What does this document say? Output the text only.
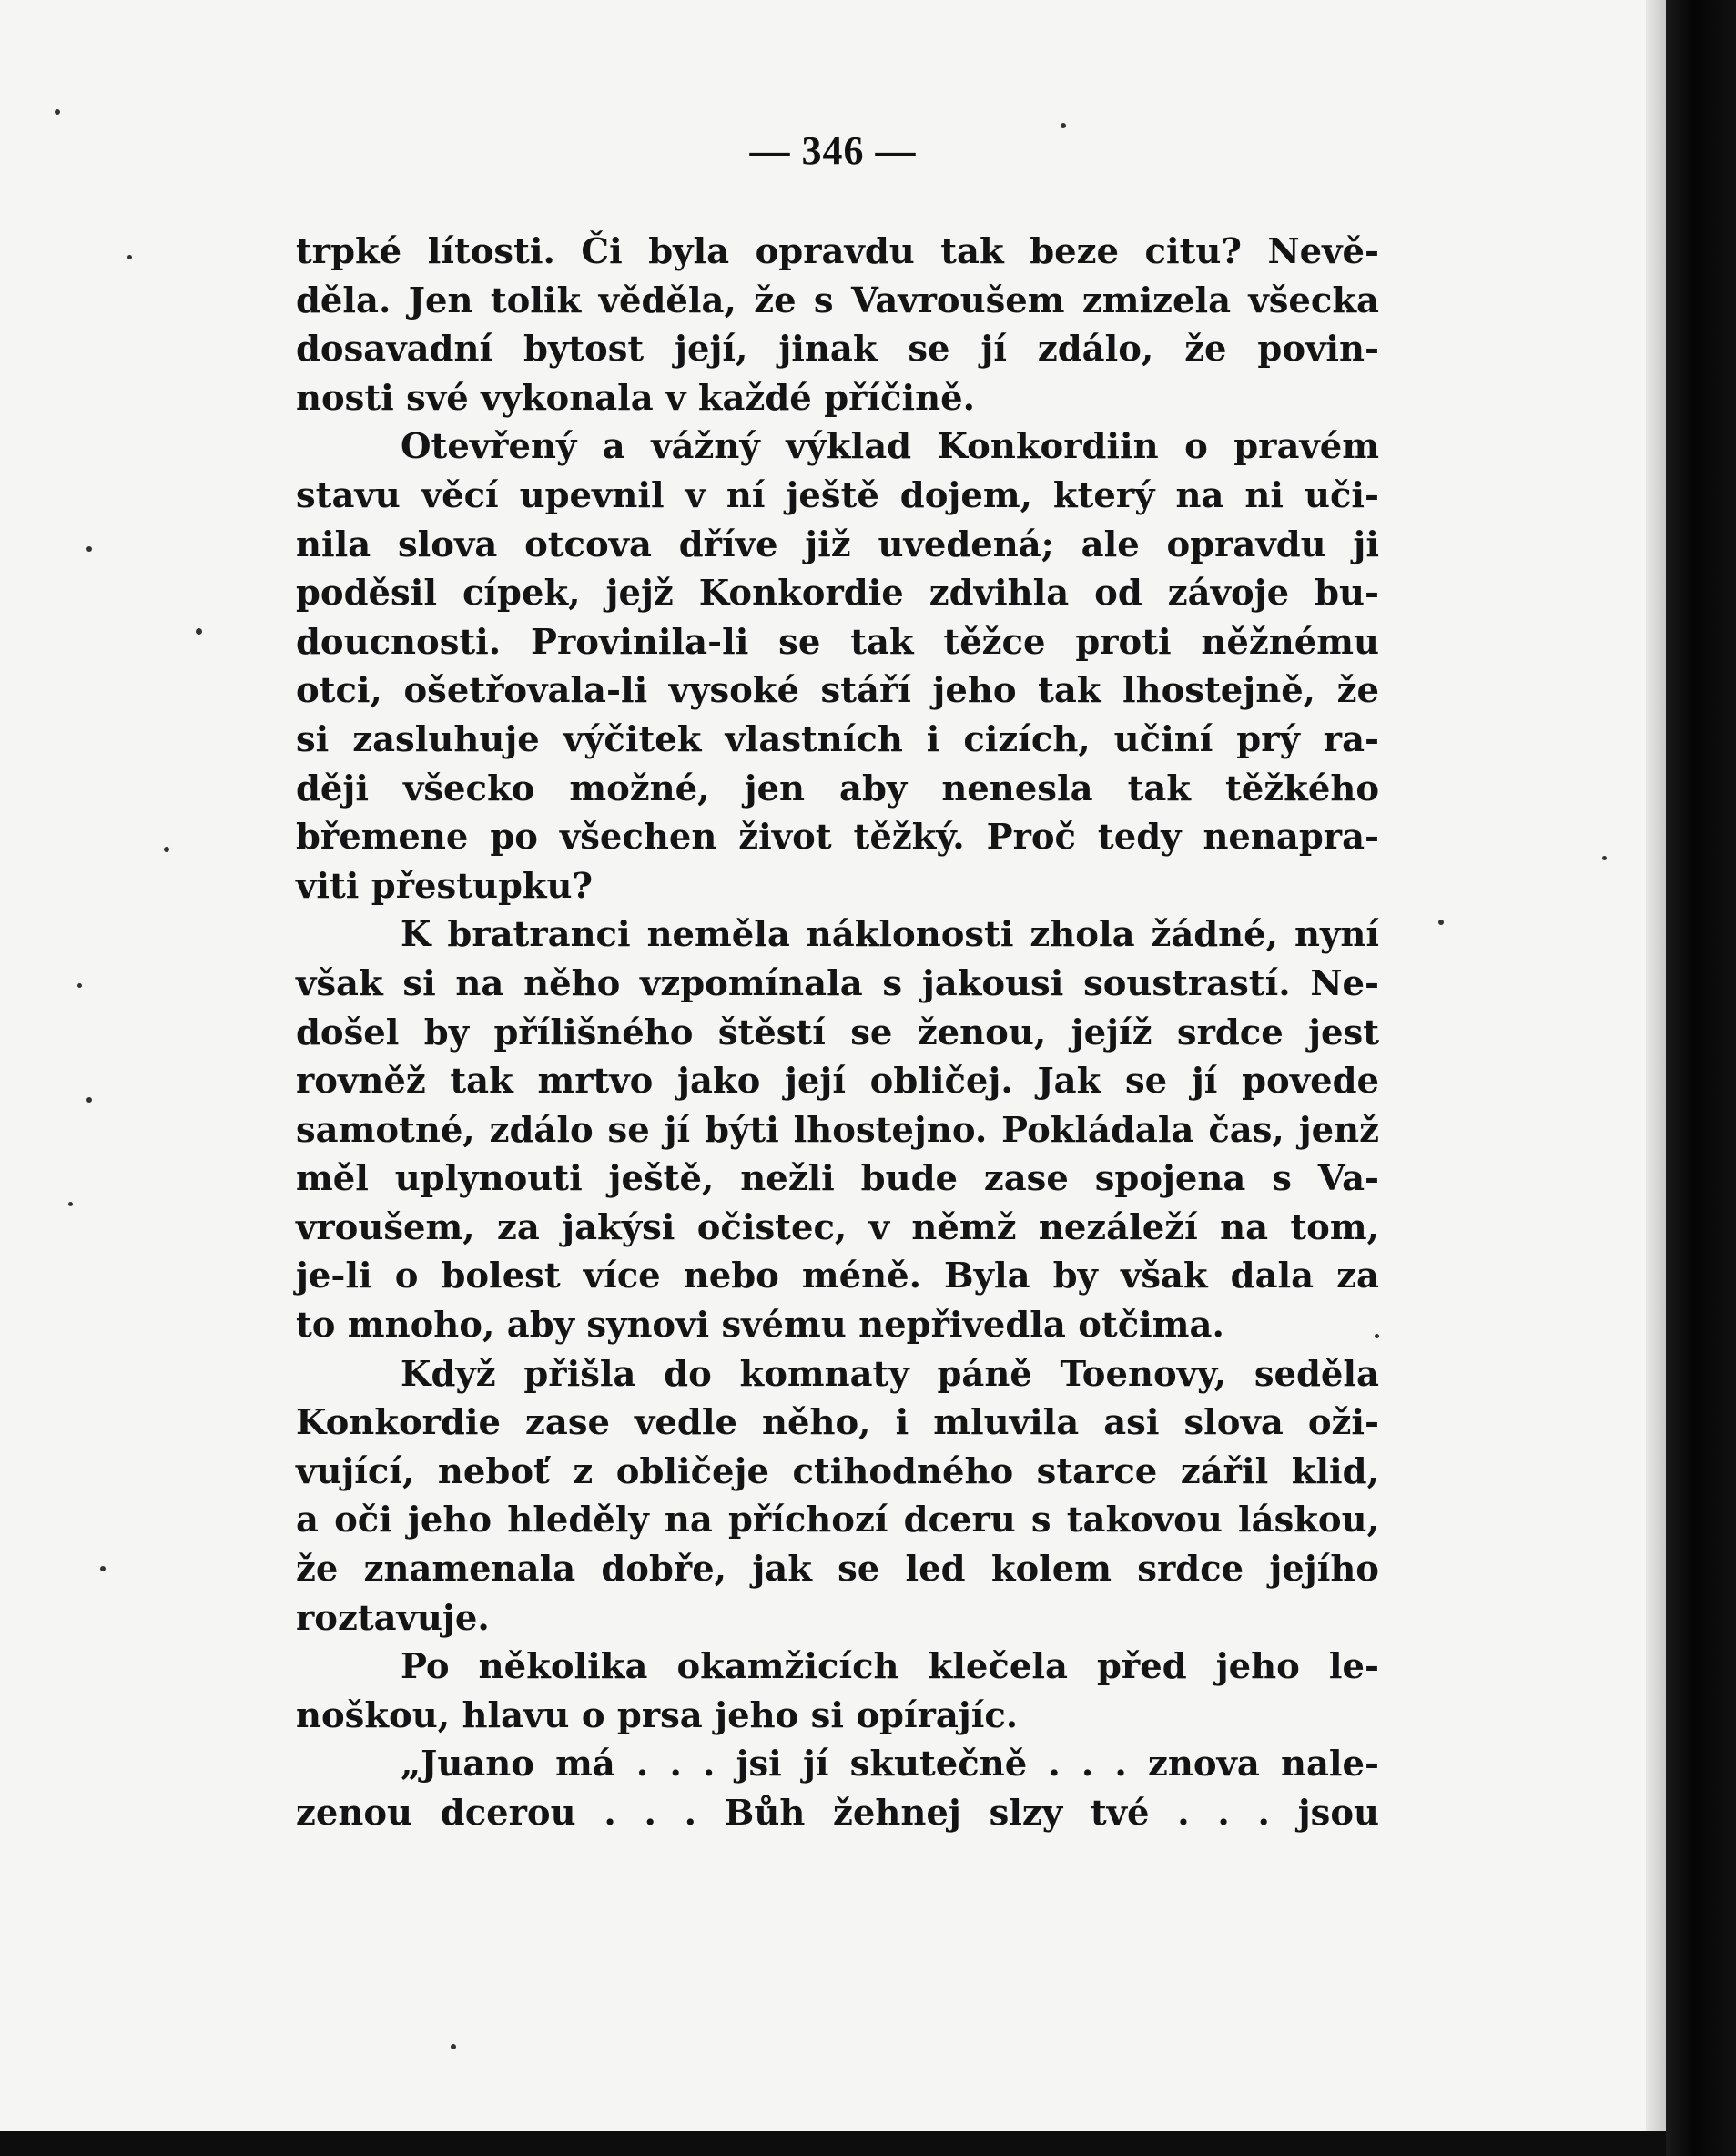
— 346 —
trpké lítosti. Či byla opravdu tak beze citu? Nevě-
děla. Jen tolik věděla, že s Vavroušem zmizela všecka
dosavadní bytost její, jinak se jí zdálo, že povin-
nosti své vykonala v každé příčině.
Otevřený a vážný výklad Konkordiin o pravém
stavu věcí upevnil v ní ještě dojem, který na ni uči-
nila slova otcova dříve již uvedená; ale opravdu ji
poděsil cípek, jejž Konkordie zdvihla od závoje bu-
doucnosti. Provinila-li se tak těžce proti něžnému
otci, ošetřovala-li vysoké stáří jeho tak lhostejně, že
si zasluhuje výčitek vlastních i cizích, učiní prý ra-
ději všecko možné, jen aby nenesla tak těžkého
břemene po všechen život těžký. Proč tedy nenapra-
viti přestupku?
K bratranci neměla náklonosti zhola žádné, nyní
však si na něho vzpomínala s jakousi soustrastí. Ne-
došel by přílišného štěstí se ženou, jejíž srdce jest
rovněž tak mrtvo jako její obličej. Jak se jí povede
samotné, zdálo se jí býti lhostejno. Pokládala čas, jenž
měl uplynouti ještě, nežli bude zase spojena s Va-
vroušem, za jakýsi očistec, v němž nezáleží na tom,
je-li o bolest více nebo méně. Byla by však dala za
to mnoho, aby synovi svému nepřivedla otčima.
Když přišla do komnaty páně Toenovy, seděla
Konkordie zase vedle něho, i mluvila asi slova oži-
vující, neboť z obličeje ctihodného starce zářil klid,
a oči jeho hleděly na příchozí dceru s takovou láskou,
že znamenala dobře, jak se led kolem srdce jejího
roztavuje.
Po několika okamžicích klečela před jeho le-
noškou, hlavu o prsa jeho si opírajíc.
„Juano má . . . jsi jí skutečně . . . znova nale-
zenou dcerou . . . Bůh žehnej slzy tvé . . . jsou
